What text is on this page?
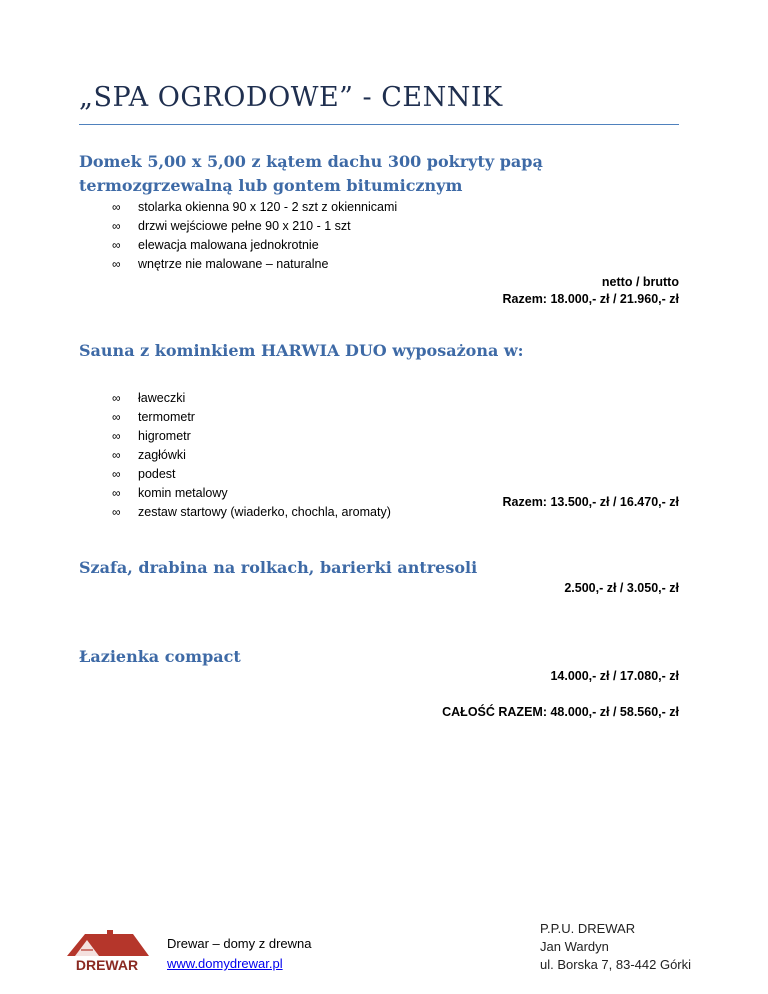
„SPA OGRODOWE” - CENNIK
Domek 5,00 x 5,00 z kątem dachu 300 pokryty papą termozgrzewalną lub gontem bitumicznym
∞ stolarka okienna 90 x 120 - 2 szt z okiennicami
∞ drzwi wejściowe pełne 90 x 210 - 1 szt
∞ elewacja malowana jednokrotnie
∞ wnętrze nie malowane – naturalne
netto / brutto
Razem: 18.000,- zł / 21.960,- zł
Sauna z kominkiem HARWIA DUO wyposażona w:
∞ ławeczki
∞ termometr
∞ higrometr
∞ zagłówki
∞ podest
∞ komin metalowy
∞ zestaw startowy (wiaderko, chochla, aromaty)
Razem: 13.500,- zł / 16.470,- zł
Szafa, drabina na rolkach, barierki antresoli
2.500,- zł / 3.050,- zł
Łazienka compact
14.000,- zł / 17.080,- zł
CAŁOŚĆ RAZEM: 48.000,- zł / 58.560,- zł
DREWAR
Drewar – domy z drewna
www.domydrewar.pl
P.P.U. DREWAR
Jan Wardyn
ul. Borska 7, 83-442 Górki
